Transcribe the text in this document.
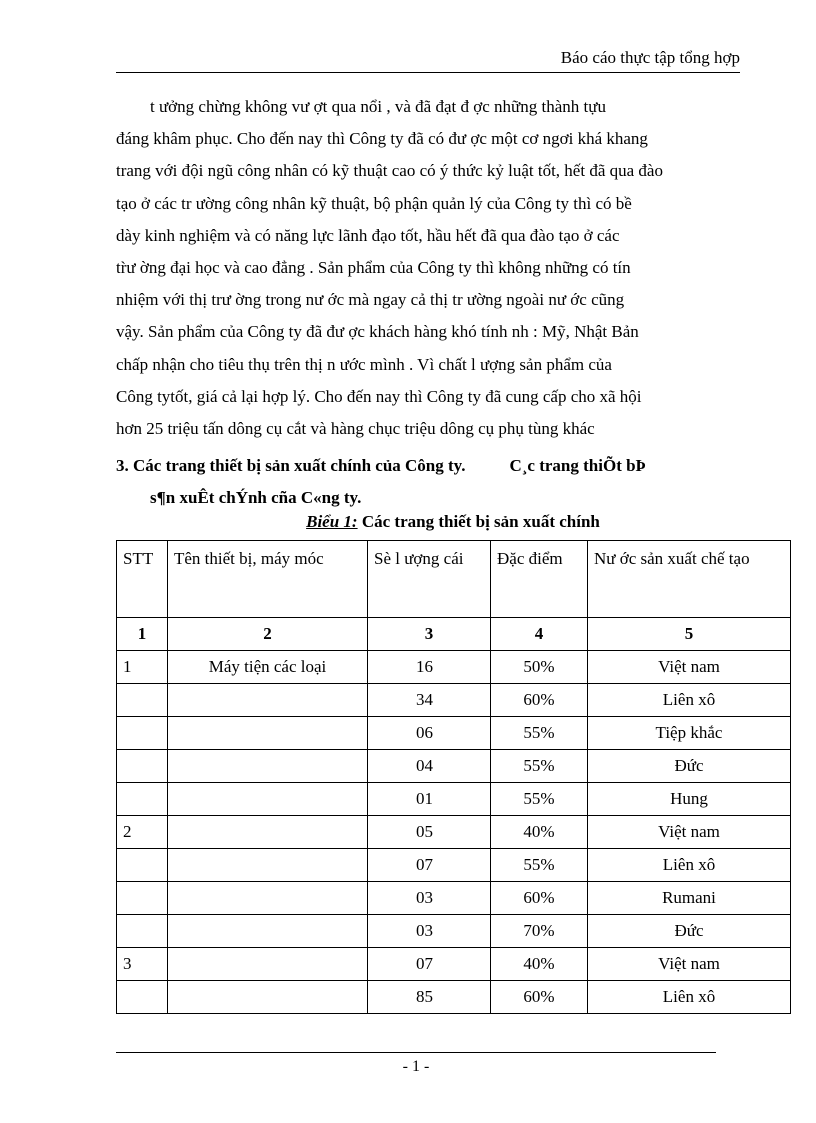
Báo cáo thực tập tổng hợp
t ưởng chừng không vư ợt qua nổi , và đã đạt đ ợc những thành tựu
đáng khâm phục. Cho đến nay thì Công ty đã có đư ợc một cơ ngơi khá khang
trang với đội ngũ công nhân có kỹ thuật cao có ý thức kỷ luật tốt, hết đã qua đào
tạo ở các tr ường công nhân kỹ thuật, bộ phận quản lý của Công ty thì có bề
dày kinh nghiệm và có năng lực lãnh đạo tốt, hầu hết đã qua đào tạo ở các
tr̀ư ờng đại học và cao đẳng . Sản phẩm của Công ty thì không những có tín
nhiệm với thị trư ờng trong nư ớc mà ngay cả thị tr ường ngoài nư ớc cũng
vậy. Sản phẩm của Công ty đã đư ợc khách hàng khó tính nh : Mỹ, Nhật Bản
chấp nhận cho tiêu thụ trên thị n ước mình . Vì chất l ượng sản phẩm của
Công tytốt, giá cả lại hợp lý. Cho đến nay thì Công ty đã cung cấp cho xã hội
hơn 25 triệu tấn dông cụ cắt và hàng chục triệu dông cụ phụ tùng khác
3. Các trang thiết bị sản xuất chính của Công ty.	C¸c trang thiÕt bÞ
s¶n xuÊt chÝnh cña C«ng ty.
Biểu 1: Các trang thiết bị sản xuất chính
STT	Tên thiết bị, máy móc	Sè l ượng cái	Đặc điểm	Nư ớc sản xuất chế tạo
1	2	3	4	5
1	Máy tiện các loại	16	50%	Việt nam
		34	60%	Liên xô
		06	55%	Tiệp khắc
		04	55%	Đức
		01	55%	Hung
2		05	40%	Việt nam
		07	55%	Liên xô
		03	60%	Rumani
		03	70%	Đức
3		07	40%	Việt nam
		85	60%	Liên xô
- 1 -
